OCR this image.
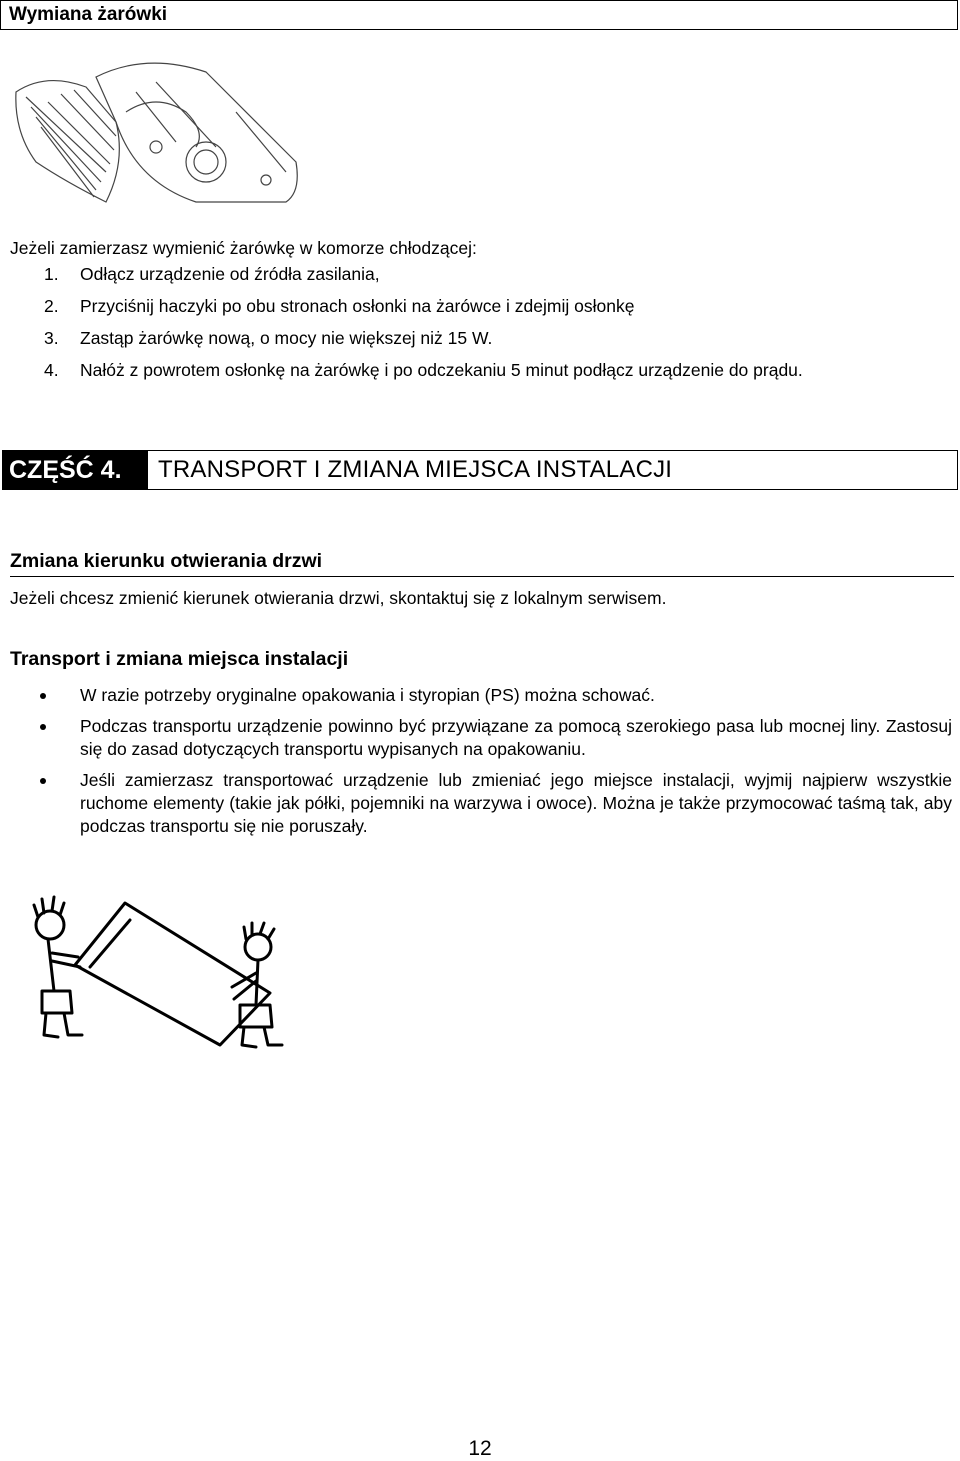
Wymiana żarówki
Jeżeli zamierzasz wymienić żarówkę w komorze chłodzącej:
1.	Odłącz urządzenie od źródła zasilania,
2.	Przyciśnij haczyki po obu stronach osłonki na żarówce i zdejmij osłonkę
3.	Zastąp żarówkę nową, o mocy nie większej niż 15 W.
4.	Nałóż z powrotem osłonkę na żarówkę i po odczekaniu 5 minut podłącz urządzenie do prądu.
CZĘŚĆ 4.	TRANSPORT I ZMIANA MIEJSCA INSTALACJI
Zmiana kierunku otwierania drzwi
Jeżeli chcesz zmienić kierunek otwierania drzwi, skontaktuj się z lokalnym serwisem.
Transport i zmiana miejsca instalacji
W razie potrzeby oryginalne opakowania i styropian (PS) można schować.
Podczas transportu urządzenie powinno być przywiązane za pomocą szerokiego pasa lub mocnej liny. Zastosuj się do zasad dotyczących transportu wypisanych na opakowaniu.
Jeśli zamierzasz transportować urządzenie lub zmieniać jego miejsce instalacji, wyjmij najpierw wszystkie ruchome elementy (takie jak półki, pojemniki na warzywa i owoce). Można je także przymocować taśmą tak, aby podczas transportu się nie poruszały.
12
